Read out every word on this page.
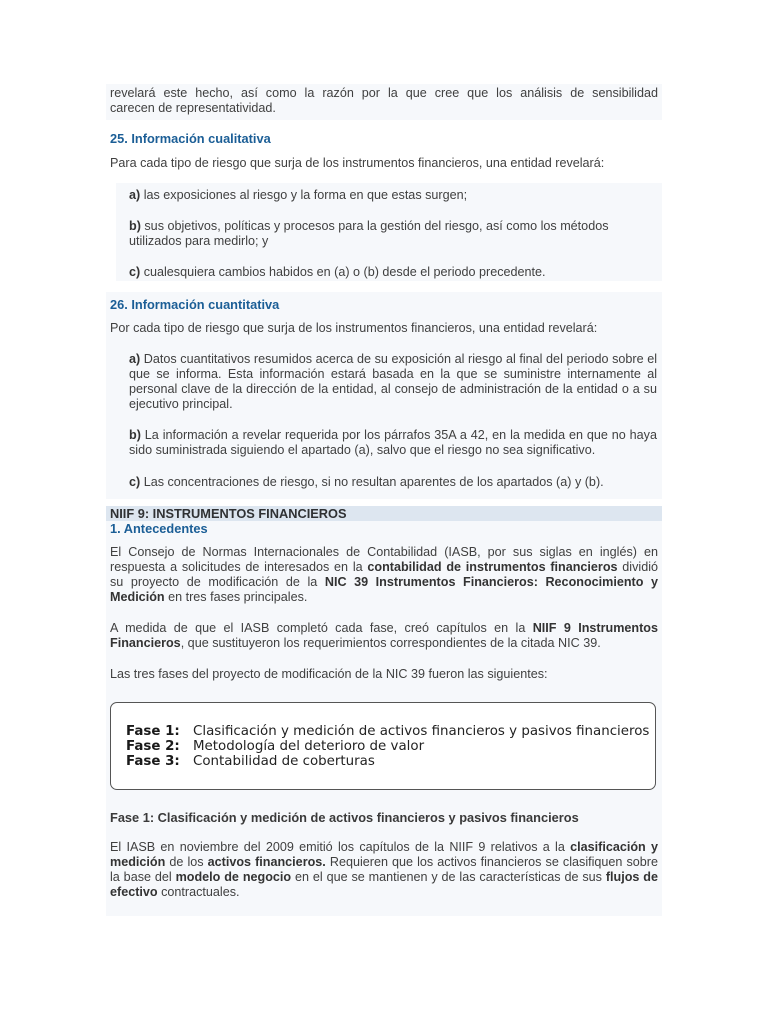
revelará este hecho, así como la razón por la que cree que los análisis de sensibilidad
carecen de representatividad.

25. Información cualitativa
Para cada tipo de riesgo que surja de los instrumentos financieros, una entidad revelará:

a) las exposiciones al riesgo y la forma en que estas surgen;

b) sus objetivos, políticas y procesos para la gestión del riesgo, así como los métodos utilizados para medirlo; y

c) cualesquiera cambios habidos en (a) o (b) desde el periodo precedente.

26. Información cuantitativa
Por cada tipo de riesgo que surja de los instrumentos financieros, una entidad revelará:

a) Datos cuantitativos resumidos acerca de su exposición al riesgo al final del periodo sobre el que se informa. Esta información estará basada en la que se suministre internamente al personal clave de la dirección de la entidad, al consejo de administración de la entidad o a su ejecutivo principal.

b) La información a revelar requerida por los párrafos 35A a 42, en la medida en que no haya sido suministrada siguiendo el apartado (a), salvo que el riesgo no sea significativo.

c) Las concentraciones de riesgo, si no resultan aparentes de los apartados (a) y (b).

NIIF 9: INSTRUMENTOS FINANCIEROS
1. Antecedentes

El Consejo de Normas Internacionales de Contabilidad (IASB, por sus siglas en inglés) en respuesta a solicitudes de interesados en la contabilidad de instrumentos financieros dividió su proyecto de modificación de la NIC 39 Instrumentos Financieros: Reconocimiento y Medición en tres fases principales.

A medida de que el IASB completó cada fase, creó capítulos en la NIIF 9 Instrumentos Financieros, que sustituyeron los requerimientos correspondientes de la citada NIC 39.

Las tres fases del proyecto de modificación de la NIC 39 fueron las siguientes:
Fase 1: Clasificación y medición de activos financieros y pasivos financieros
Fase 2: Metodología del deterioro de valor
Fase 3: Contabilidad de coberturas
Fase 1: Clasificación y medición de activos financieros y pasivos financieros

El IASB en noviembre del 2009 emitió los capítulos de la NIIF 9 relativos a la clasificación y medición de los activos financieros. Requieren que los activos financieros se clasifiquen sobre la base del modelo de negocio en el que se mantienen y de las características de sus flujos de efectivo contractuales.
